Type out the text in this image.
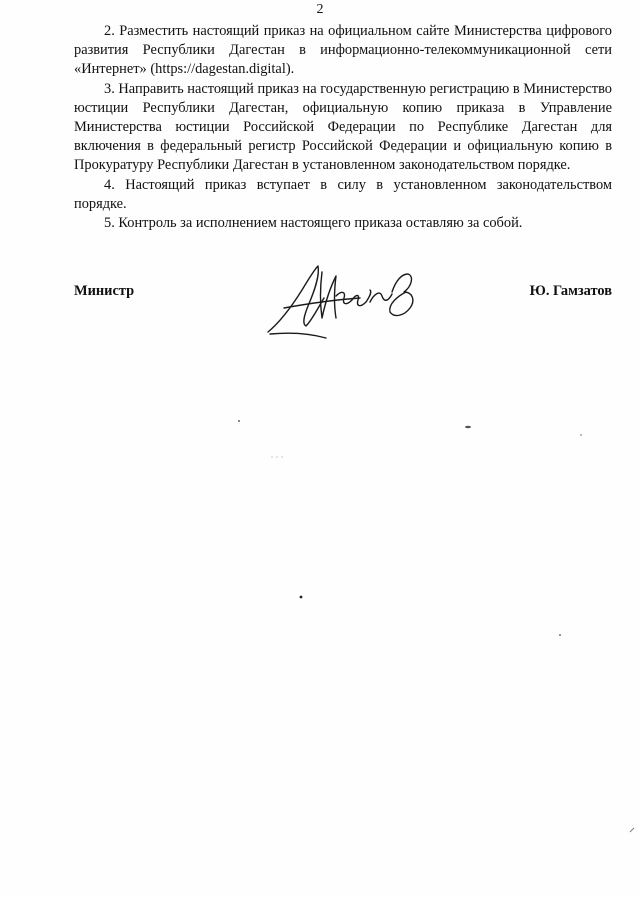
2

2. Разместить настоящий приказ на официальном сайте Министерства цифрового развития Республики Дагестан в информационно-телекоммуникационной сети «Интернет» (https://dagestan.digital).

3. Направить настоящий приказ на государственную регистрацию в Министерство юстиции Республики Дагестан, официальную копию приказа в Управление Министерства юстиции Российской Федерации по Республике Дагестан для включения в федеральный регистр Российской Федерации и официальную копию в Прокуратуру Республики Дагестан в установленном законодательством порядке.

4. Настоящий приказ вступает в силу в установленном законодательством порядке.

5. Контроль за исполнением настоящего приказа оставляю за собой.

Министр	Ю. Гамзатов
